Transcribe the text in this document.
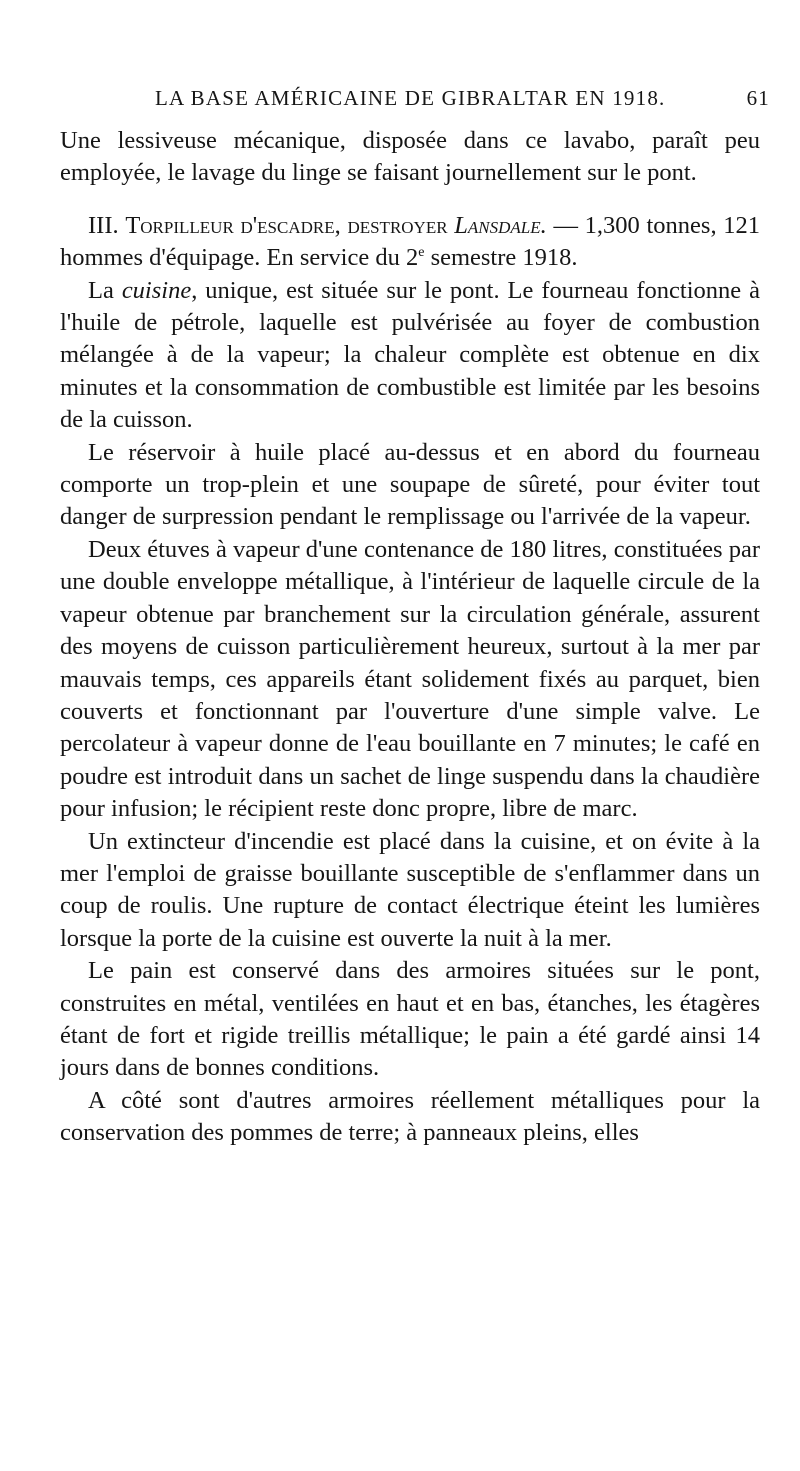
LA BASE AMÉRICAINE DE GIBRALTAR EN 1918.	61

Une lessiveuse mécanique, disposée dans ce lavabo, paraît peu employée, le lavage du linge se faisant journellement sur le pont.

III. Torpilleur d'escadre, destroyer Lansdale. — 1,300 tonnes, 121 hommes d'équipage. En service du 2e semestre 1918.

La cuisine, unique, est située sur le pont. Le fourneau fonctionne à l'huile de pétrole, laquelle est pulvérisée au foyer de combustion mélangée à de la vapeur; la chaleur complète est obtenue en dix minutes et la consommation de combustible est limitée par les besoins de la cuisson.

Le réservoir à huile placé au-dessus et en abord du fourneau comporte un trop-plein et une soupape de sûreté, pour éviter tout danger de surpression pendant le remplissage ou l'arrivée de la vapeur.

Deux étuves à vapeur d'une contenance de 180 litres, constituées par une double enveloppe métallique, à l'intérieur de laquelle circule de la vapeur obtenue par branchement sur la circulation générale, assurent des moyens de cuisson particulièrement heureux, surtout à la mer par mauvais temps, ces appareils étant solidement fixés au parquet, bien couverts et fonctionnant par l'ouverture d'une simple valve. Le percolateur à vapeur donne de l'eau bouillante en 7 minutes; le café en poudre est introduit dans un sachet de linge suspendu dans la chaudière pour infusion; le récipient reste donc propre, libre de marc.

Un extincteur d'incendie est placé dans la cuisine, et on évite à la mer l'emploi de graisse bouillante susceptible de s'enflammer dans un coup de roulis. Une rupture de contact électrique éteint les lumières lorsque la porte de la cuisine est ouverte la nuit à la mer.

Le pain est conservé dans des armoires situées sur le pont, construites en métal, ventilées en haut et en bas, étanches, les étagères étant de fort et rigide treillis métallique; le pain a été gardé ainsi 14 jours dans de bonnes conditions.

A côté sont d'autres armoires réellement métalliques pour la conservation des pommes de terre; à panneaux pleins, elles
